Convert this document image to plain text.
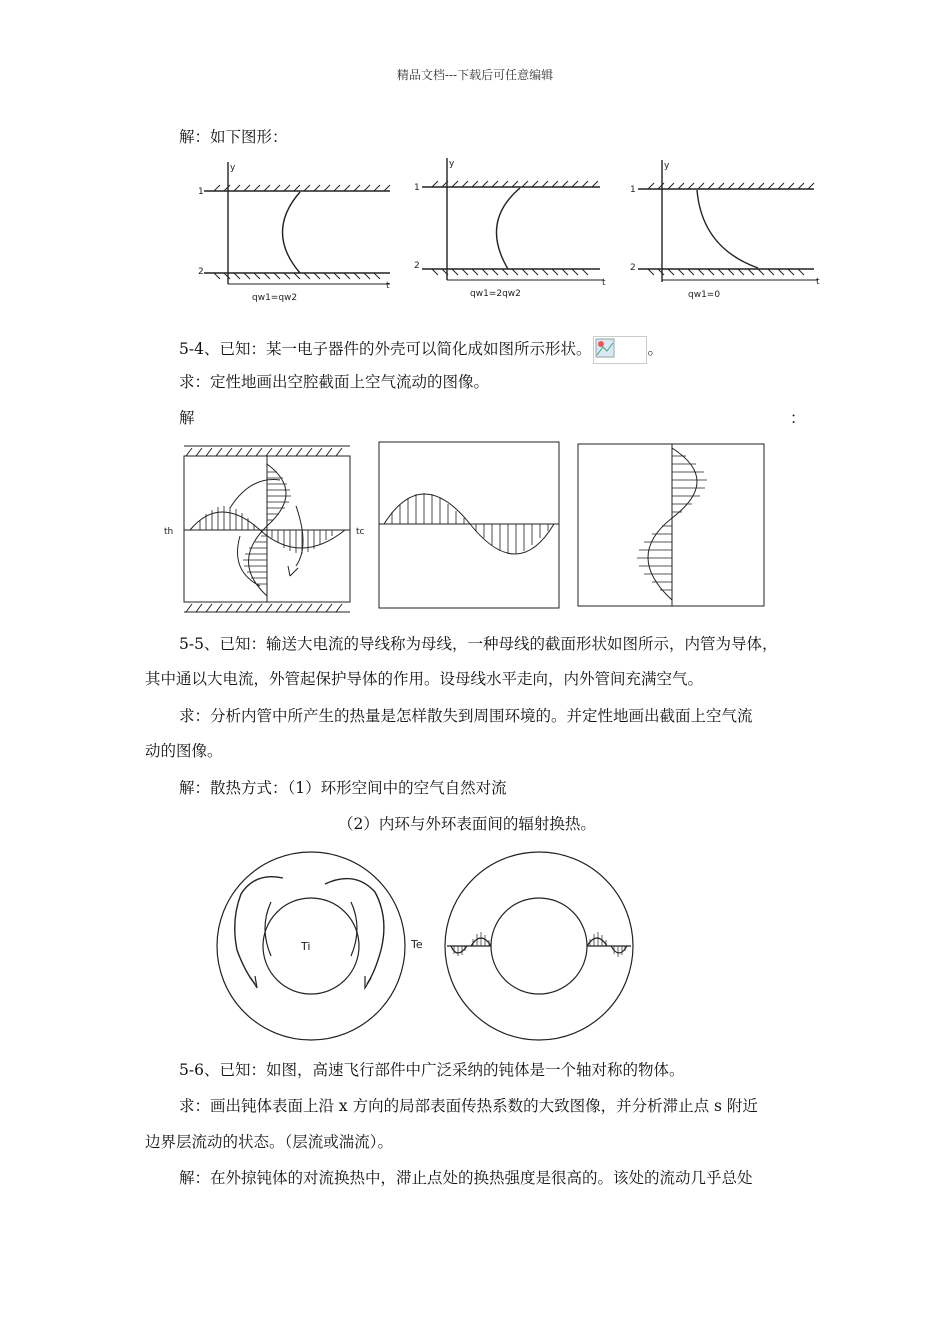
精品文档---下载后可任意编辑
解：如下图形：
y
1
2
t
qw1=qw2
y
1
2
t
qw1=2qw2
y
1
2
t
qw1=0
5-4、已知：某一电子器件的外壳可以简化成如图所示形状。	。
求：定性地画出空腔截面上空气流动的图像。
解	：
th	tc
5-5、已知：输送大电流的导线称为母线，一种母线的截面形状如图所示，内管为导体，
其中通以大电流，外管起保护导体的作用。设母线水平走向，内外管间充满空气。
求：分析内管中所产生的热量是怎样散失到周围环境的。并定性地画出截面上空气流
动的图像。
解：散热方式：（1）环形空间中的空气自然对流
（2）内环与外环表面间的辐射换热。
Ti	Te
5-6、已知：如图，高速飞行部件中广泛采纳的钝体是一个轴对称的物体。
求：画出钝体表面上沿 x 方向的局部表面传热系数的大致图像，并分析滞止点 s 附近
边界层流动的状态。（层流或湍流）。
解：在外掠钝体的对流换热中，滞止点处的换热强度是很高的。该处的流动几乎总处
